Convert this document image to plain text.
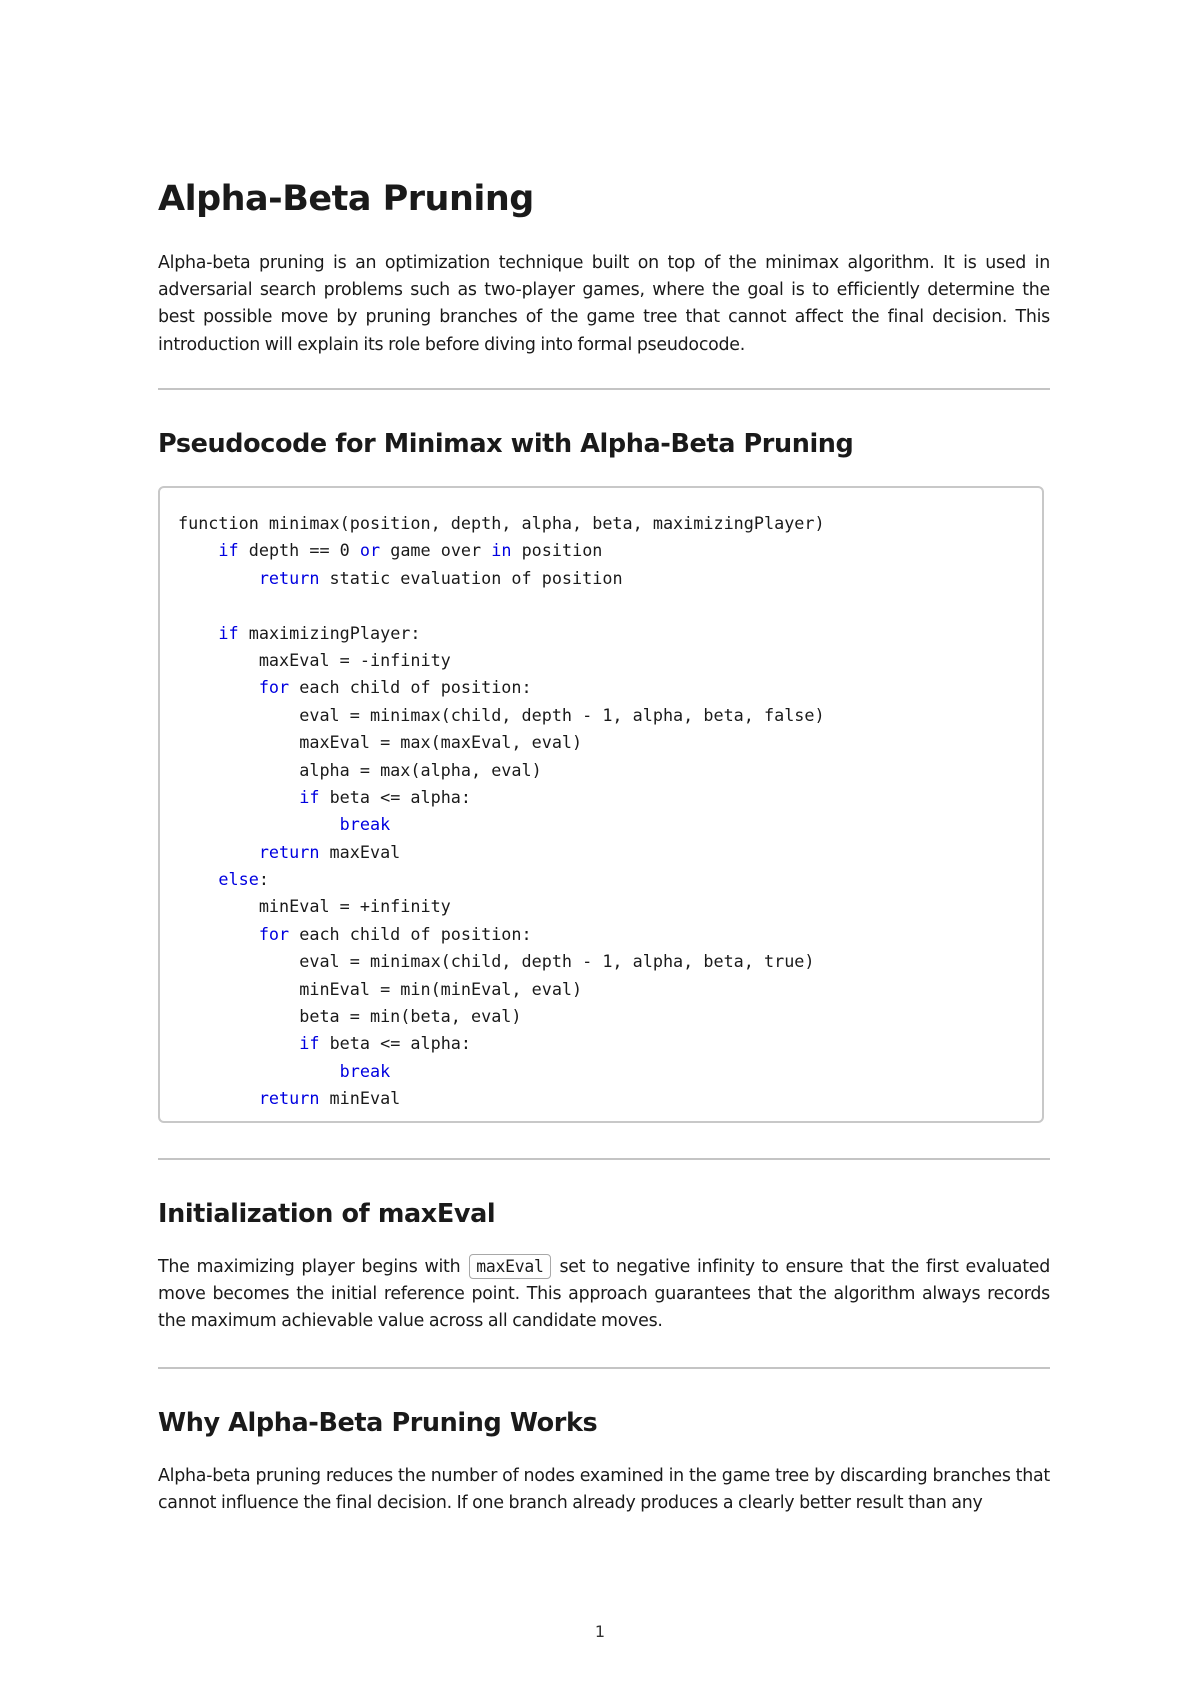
Alpha-Beta Pruning

Alpha-beta pruning is an optimization technique built on top of the minimax algorithm. It is used in adversarial search problems such as two-player games, where the goal is to efficiently determine the best possible move by pruning branches of the game tree that cannot affect the final decision. This introduction will explain its role before diving into formal pseudocode.

Pseudocode for Minimax with Alpha-Beta Pruning
function minimax(position, depth, alpha, beta, maximizingPlayer)
if depth == 0 or game over in position
return static evaluation of position
if maximizingPlayer:
maxEval = -infinity
for each child of position:
eval = minimax(child, depth - 1, alpha, beta, false)
maxEval = max(maxEval, eval)
alpha = max(alpha, eval)
if beta <= alpha:
break
return maxEval
else:
minEval = +infinity
for each child of position:
eval = minimax(child, depth - 1, alpha, beta, true)
minEval = min(minEval, eval)
beta = min(beta, eval)
if beta <= alpha:
break
return minEval
Initialization of maxEval

The maximizing player begins with maxEval set to negative infinity to ensure that the first evaluated move becomes the initial reference point. This approach guarantees that the algorithm always records the maximum achievable value across all candidate moves.

Why Alpha-Beta Pruning Works

Alpha-beta pruning reduces the number of nodes examined in the game tree by discarding branches that cannot influence the final decision. If one branch already produces a clearly better result than any

1
